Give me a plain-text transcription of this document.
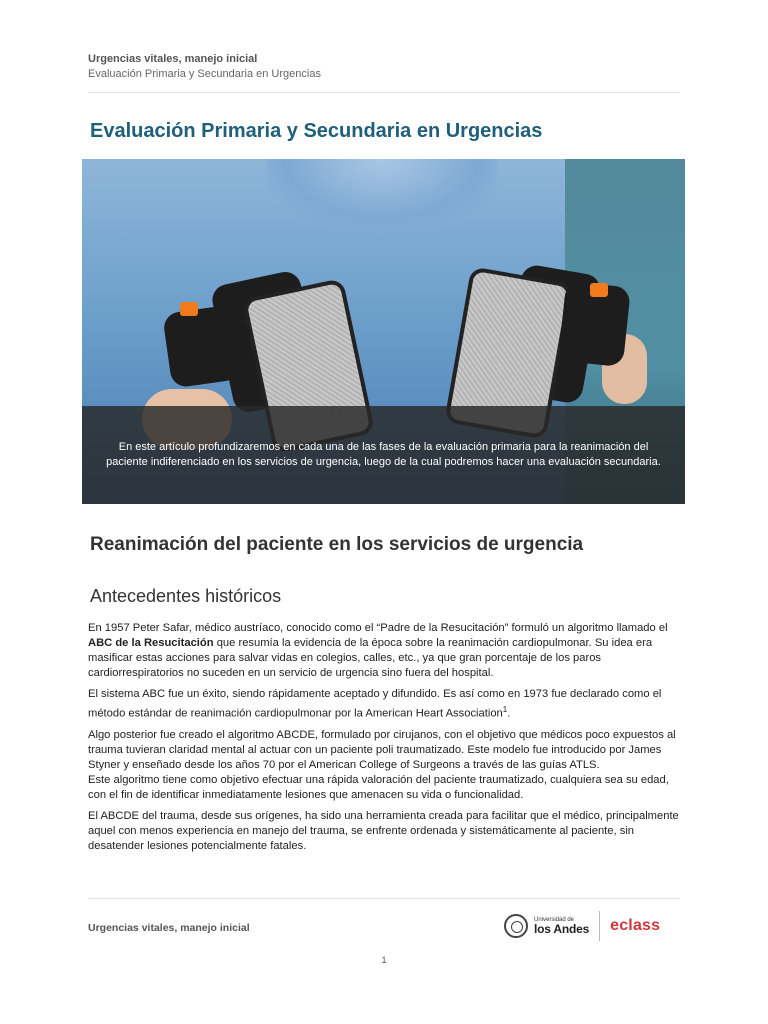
Urgencias vitales, manejo inicial
Evaluación Primaria y Secundaria en Urgencias
Evaluación Primaria y Secundaria en Urgencias

En este artículo profundizaremos en cada una de las fases de la evaluación primaria para la reanimación del paciente indiferenciado en los servicios de urgencia, luego de la cual podremos hacer una evaluación secundaria.

Reanimación del paciente en los servicios de urgencia
Antecedentes históricos

En 1957 Peter Safar, médico austríaco, conocido como el “Padre de la Resucitación” formuló un algoritmo llamado el ABC de la Resucitación que resumía la evidencia de la época sobre la reanimación cardiopulmonar. Su idea era masificar estas acciones para salvar vidas en colegios, calles, etc., ya que gran porcentaje de los paros cardiorrespiratorios no suceden en un servicio de urgencia sino fuera del hospital.

El sistema ABC fue un éxito, siendo rápidamente aceptado y difundido. Es así como en 1973 fue declarado como el método estándar de reanimación cardiopulmonar por la American Heart Association$^1$.

Algo posterior fue creado el algoritmo ABCDE, formulado por cirujanos, con el objetivo que médicos poco expuestos al trauma tuvieran claridad mental al actuar con un paciente poli traumatizado. Este modelo fue introducido por James Styner y enseñado desde los años 70 por el American College of Surgeons a través de las guías ATLS.
Este algoritmo tiene como objetivo efectuar una rápida valoración del paciente traumatizado, cualquiera sea su edad, con el fin de identificar inmediatamente lesiones que amenacen su vida o funcionalidad.

El ABCDE del trauma, desde sus orígenes, ha sido una herramienta creada para facilitar que el médico, principalmente aquel con menos experiencia en manejo del trauma, se enfrente ordenada y sistemáticamente al paciente, sin desatender lesiones potencialmente fatales.

Urgencias vitales, manejo inicial
Universidad de
los Andes eclass
1
